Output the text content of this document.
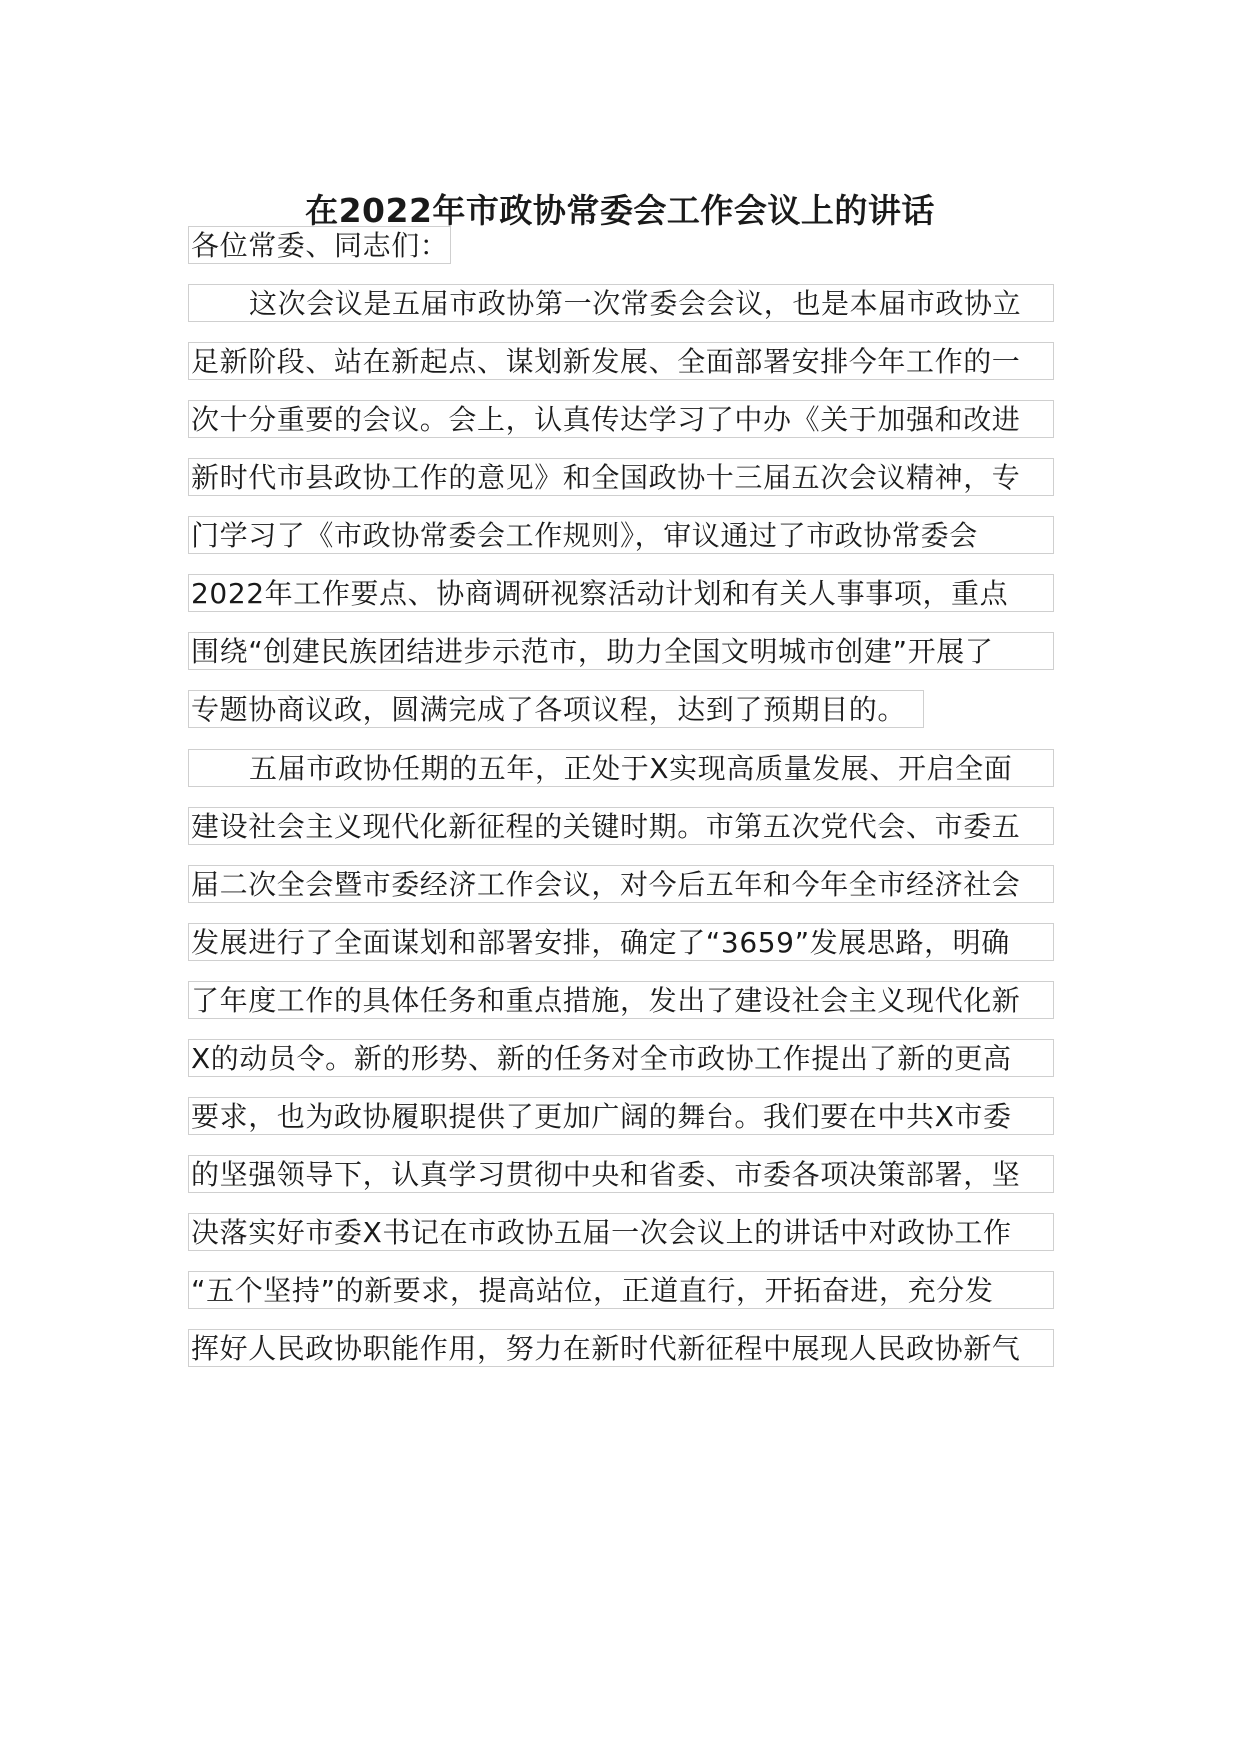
在2022年市政协常委会工作会议上的讲话
各位常委、同志们：
这次会议是五届市政协第一次常委会会议，也是本届市政协立
足新阶段、站在新起点、谋划新发展、全面部署安排今年工作的一
次十分重要的会议。会上，认真传达学习了中办《关于加强和改进
新时代市县政协工作的意见》和全国政协十三届五次会议精神，专
门学习了《市政协常委会工作规则》，审议通过了市政协常委会
2022年工作要点、协商调研视察活动计划和有关人事事项，重点
围绕“创建民族团结进步示范市，助力全国文明城市创建”开展了
专题协商议政，圆满完成了各项议程，达到了预期目的。
五届市政协任期的五年，正处于X实现高质量发展、开启全面
建设社会主义现代化新征程的关键时期。市第五次党代会、市委五
届二次全会暨市委经济工作会议，对今后五年和今年全市经济社会
发展进行了全面谋划和部署安排，确定了“3659”发展思路，明确
了年度工作的具体任务和重点措施，发出了建设社会主义现代化新
X的动员令。新的形势、新的任务对全市政协工作提出了新的更高
要求，也为政协履职提供了更加广阔的舞台。我们要在中共X市委
的坚强领导下，认真学习贯彻中央和省委、市委各项决策部署，坚
决落实好市委X书记在市政协五届一次会议上的讲话中对政协工作
“五个坚持”的新要求，提高站位，正道直行，开拓奋进，充分发
挥好人民政协职能作用，努力在新时代新征程中展现人民政协新气
